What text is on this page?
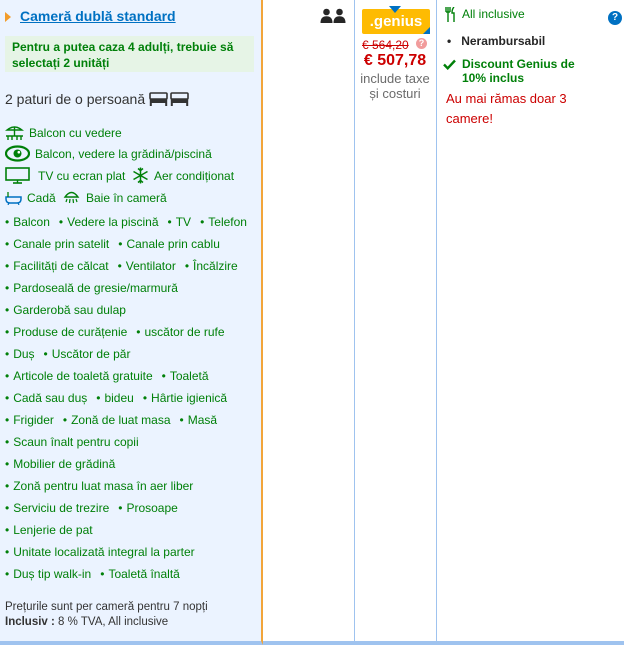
Cameră dublă standard
Pentru a putea caza 4 adulți, trebuie să selectați 2 unități
2 paturi de o persoană
Balcon cu vedere
Balcon, vedere la grădină/piscină
TV cu ecran plat Aer condiționat
Cadă	Baie în cameră
• Balcon • Vedere la piscină • TV • Telefon
• Canale prin satelit • Canale prin cablu
• Facilități de călcat • Ventilator • Încălzire
• Pardoseală de gresie/marmură
• Garderobă sau dulap
• Produse de curățenie • uscător de rufe
• Duș • Uscător de păr
• Articole de toaletă gratuite • Toaletă
• Cadă sau duș • bideu • Hârtie igienică
• Frigider • Zonă de luat masa • Masă
• Scaun înalt pentru copii
• Mobilier de grădină
• Zonă pentru luat masa în aer liber
• Serviciu de trezire • Prosoape
• Lenjerie de pat
• Unitate localizată integral la parter
• Duș tip walk-in • Toaletă înaltă
Prețurile sunt per cameră pentru 7 nopți
Inclusiv : 8 % TVA, All inclusive
.genius
€ 564,20	?
€ 507,78
include taxe și costuri
All inclusive
• Nerambursabil
Discount Genius de 10% inclus
Au mai rămas doar 3 camere!
?
